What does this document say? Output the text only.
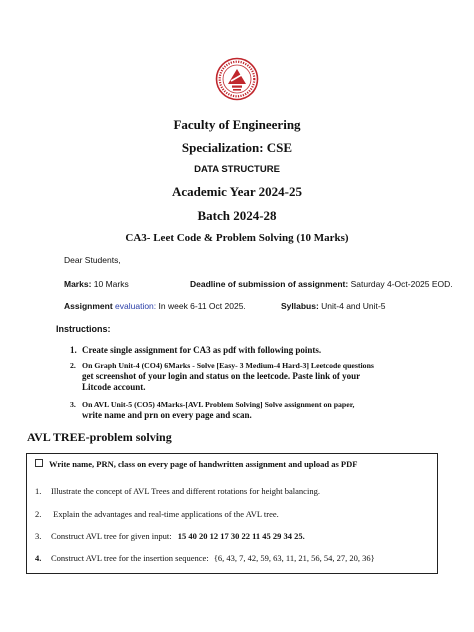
Faculty of Engineering
Specialization: CSE
DATA STRUCTURE
Academic Year 2024-25
Batch 2024-28
CA3- Leet Code & Problem Solving (10 Marks)
Dear Students,
Marks: 10 Marks	Deadline of submission of assignment: Saturday 4-Oct-2025 EOD.
Assignment evaluation: In week 6-11 Oct 2025.	Syllabus: Unit-4 and Unit-5
Instructions:
1. Create single assignment for CA3 as pdf with following points.
2. On Graph Unit-4 (CO4) 6Marks - Solve [Easy- 3 Medium-4 Hard-3] Leetcode questions
get screenshot of your login and status on the leetcode. Paste link of your
Litcode account.
3. On AVL Unit-5 (CO5) 4Marks-[AVL Problem Solving] Solve assignment on paper,
write name and prn on every page and scan.
AVL TREE-problem solving
Write name, PRN, class on every page of handwritten assignment and upload as PDF
1. Illustrate the concept of AVL Trees and different rotations for height balancing.
2. Explain the advantages and real-time applications of the AVL tree.
3. Construct AVL tree for given input: 15 40 20 12 17 30 22 11 45 29 34 25.
4. Construct AVL tree for the insertion sequence: {6, 43, 7, 42, 59, 63, 11, 21, 56, 54, 27, 20, 36}
